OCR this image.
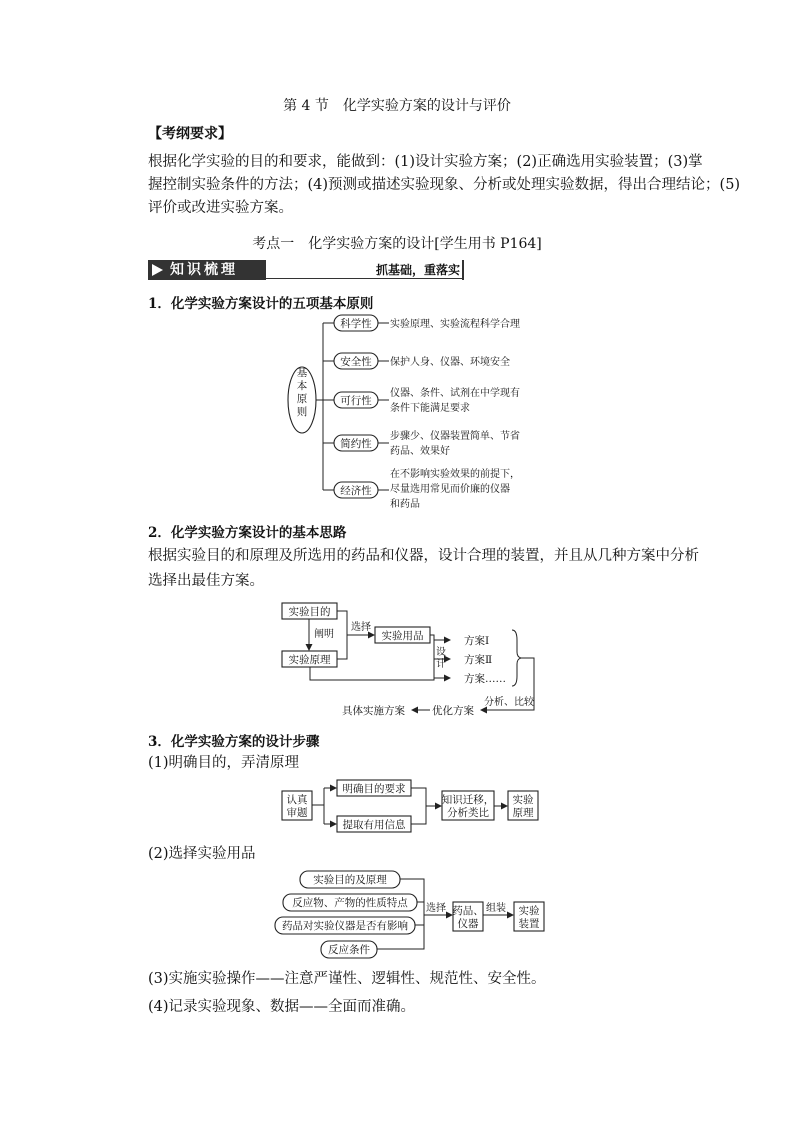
第 4 节　化学实验方案的设计与评价
【考纲要求】
根据化学实验的目的和要求，能做到：(1)设计实验方案；(2)正确选用实验装置；(3)掌
握控制实验条件的方法；(4)预测或描述实验现象、分析或处理实验数据，得出合理结论；(5)
评价或改进实验方案。
考点一　化学实验方案的设计[学生用书 P164]
知识梳理	抓基础，重落实
1．化学实验方案设计的五项基本原则
基
本
原
则
科学性 实验原理、实验流程科学合理
安全性 保护人身、仪器、环境安全
可行性
仪器、条件、试剂在中学现有
条件下能满足要求
简约性
步骤少、仪器装置简单、节省
药品、效果好
经济性
在不影响实验效果的前提下，
尽量选用常见而价廉的仪器
和药品
2．化学实验方案设计的基本思路
根据实验目的和原理及所选用的药品和仪器，设计合理的装置，并且从几种方案中分析
选择出最佳方案。
实验目的
阐明
实验原理
选择
实验用品
设
计
方案Ⅰ
方案Ⅱ
方案……
分析、比较
优化方案
具体实施方案
3．化学实验方案的设计步骤
(1)明确目的，弄清原理
认真
审题
明确目的要求
提取有用信息
知识迁移，
分析类比
实验
原理
(2)选择实验用品
实验目的及原理
反应物、产物的性质特点
药品对实验仪器是否有影响
反应条件
选择 药品、
仪器
组装 实验
装置
(3)实施实验操作——注意严谨性、逻辑性、规范性、安全性。
(4)记录实验现象、数据——全面而准确。
